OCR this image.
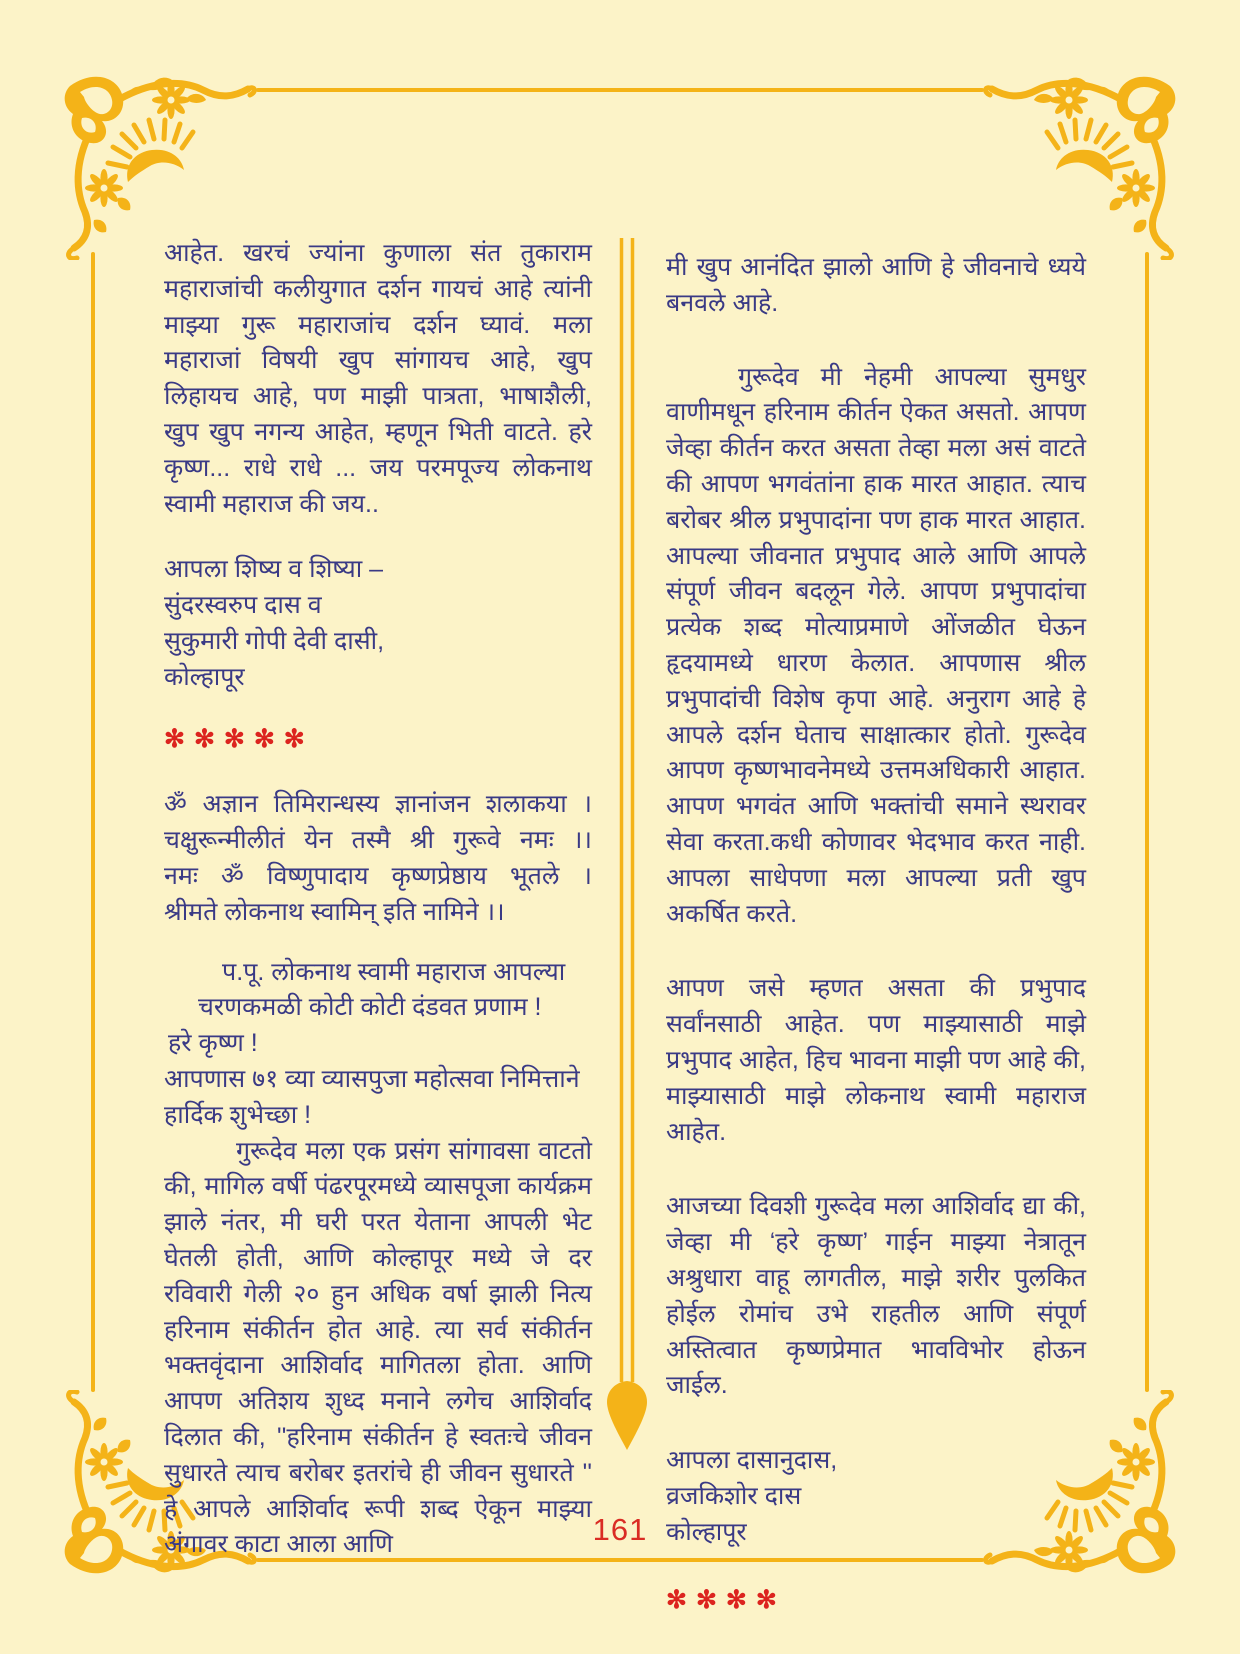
आहेत. खरचं ज्यांना कुणाला संत तुकाराम महाराजांची कलीयुगात दर्शन गायचं आहे त्यांनी माझ्या गुरू महाराजांच दर्शन घ्यावं. मला महाराजां विषयी खुप सांगायच आहे, खुप लिहायच आहे, पण माझी पात्रता, भाषाशैली, खुप खुप नगन्य आहेत, म्हणून भिती वाटते. हरे कृष्ण... राधे राधे ... जय परमपूज्य लोकनाथ स्वामी महाराज की जय..

आपला शिष्य व शिष्या –
सुंदरस्वरुप दास व
सुकुमारी गोपी देवी दासी,
कोल्हापूर
✻✻✻✻✻
ॐ अज्ञान तिमिरान्धस्य ज्ञानांजन शलाकया ।
चक्षुरून्मीलीतं येन तस्मै श्री गुरूवे नमः ।।
नमः ॐ विष्णुपादाय कृष्णप्रेष्ठाय भूतले ।
श्रीमते लोकनाथ स्वामिन् इति नामिने ।।
प.पू. लोकनाथ स्वामी महाराज आपल्या
चरणकमळी कोटी कोटी दंडवत प्रणाम !
हरे कृष्ण !
आपणास ७१ व्या व्यासपुजा महोत्सवा निमित्ताने
हार्दिक शुभेच्छा !

गुरूदेव मला एक प्रसंग सांगावसा वाटतो की, मागिल वर्षी पंढरपूरमध्ये व्यासपूजा कार्यक्रम झाले नंतर, मी घरी परत येताना आपली भेट घेतली होती, आणि कोल्हापूर मध्ये जे दर रविवारी गेली २० हुन अधिक वर्षा झाली नित्य हरिनाम संकीर्तन होत आहे. त्या सर्व संकीर्तन भक्तवृंदाना आशिर्वाद मागितला होता. आणि आपण अतिशय शुध्द मनाने लगेच आशिर्वाद दिलात की, ''हरिनाम संकीर्तन हे स्वतःचे जीवन सुधारते त्याच बरोबर इतरांचे ही जीवन सुधारते '' हे आपले आशिर्वाद रूपी शब्द ऐकून माझ्या अंगावर काटा आला आणि

मी खुप आनंदित झालो आणि हे जीवनाचे ध्यये बनवले आहे.

गुरूदेव मी नेहमी आपल्या सुमधुर वाणीमधून हरिनाम कीर्तन ऐकत असतो. आपण जेव्हा कीर्तन करत असता तेव्हा मला असं वाटते की आपण भगवंतांना हाक मारत आहात. त्याच बरोबर श्रील प्रभुपादांना पण हाक मारत आहात. आपल्या जीवनात प्रभुपाद आले आणि आपले संपूर्ण जीवन बदलून गेले. आपण प्रभुपादांचा प्रत्येक शब्द मोत्याप्रमाणे ओंजळीत घेऊन हृदयामध्ये धारण केलात. आपणास श्रील प्रभुपादांची विशेष कृपा आहे. अनुराग आहे हे आपले दर्शन घेताच साक्षात्कार होतो. गुरूदेव आपण कृष्णभावनेमध्ये उत्तमअधिकारी आहात. आपण भगवंत आणि भक्तांची समाने स्थरावर सेवा करता.कधी कोणावर भेदभाव करत नाही. आपला साधेपणा मला आपल्या प्रती खुप अकर्षित करते.

आपण जसे म्हणत असता की प्रभुपाद सर्वांनसाठी आहेत. पण माझ्यासाठी माझे प्रभुपाद आहेत, हिच भावना माझी पण आहे की, माझ्यासाठी माझे लोकनाथ स्वामी महाराज आहेत.

आजच्या दिवशी गुरूदेव मला आशिर्वाद द्या की, जेव्हा मी ‘हरे कृष्ण’ गाईन माझ्या नेत्रातून अश्रुधारा वाहू लागतील, माझे शरीर पुलकित होईल रोमांच उभे राहतील आणि संपूर्ण अस्तित्वात कृष्णप्रेमात भावविभोर होऊन जाईल.

आपला दासानुदास,
व्रजकिशोर दास
कोल्हापूर
✻✻✻✻
161
